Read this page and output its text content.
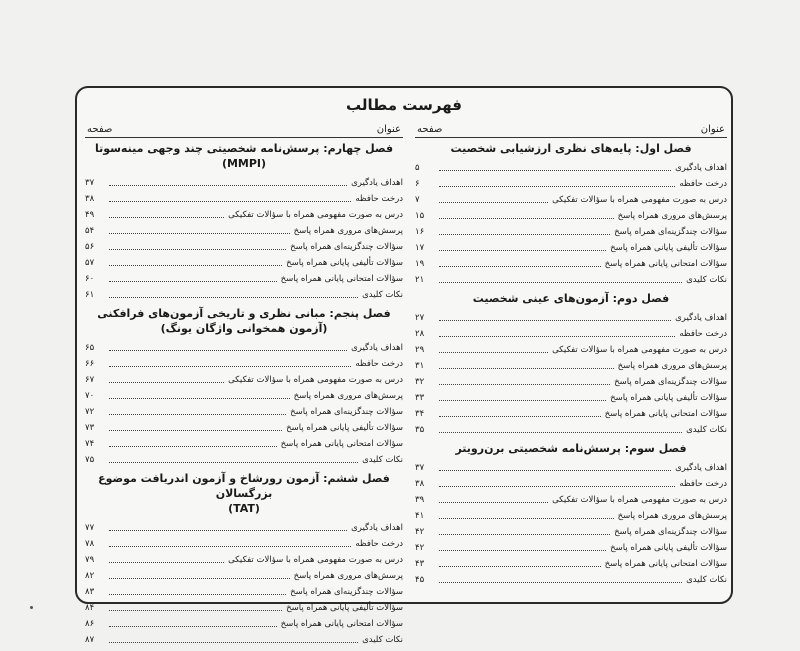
فهرست مطالب
عنوان
صفحه
فصل اول: پایه‌های نظری ارزشیابی شخصیت
اهداف یادگیری
۵
درخت حافظه
۶
درس به صورت مفهومی همراه با سؤالات تفکیکی
۷
پرسش‌های مروری همراه پاسخ
۱۵
سؤالات چندگزینه‌ای همراه پاسخ
۱۶
سؤالات تألیفی پایانی همراه پاسخ
۱۷
سؤالات امتحانی پایانی همراه پاسخ
۱۹
نکات کلیدی
۲۱
فصل دوم: آزمون‌های عینی شخصیت
اهداف یادگیری
۲۷
درخت حافظه
۲۸
درس به صورت مفهومی همراه با سؤالات تفکیکی
۲۹
پرسش‌های مروری همراه پاسخ
۳۱
سؤالات چندگزینه‌ای همراه پاسخ
۳۲
سؤالات تألیفی پایانی همراه پاسخ
۳۳
سؤالات امتحانی پایانی همراه پاسخ
۳۴
نکات کلیدی
۳۵
فصل سوم: پرسش‌نامه شخصیتی برن‌رویتر
اهداف یادگیری
۳۷
درخت حافظه
۳۸
درس به صورت مفهومی همراه با سؤالات تفکیکی
۳۹
پرسش‌های مروری همراه پاسخ
۴۱
سؤالات چندگزینه‌ای همراه پاسخ
۴۲
سؤالات تألیفی پایانی همراه پاسخ
۴۲
سؤالات امتحانی پایانی همراه پاسخ
۴۳
نکات کلیدی
۴۵
عنوان
صفحه
فصل چهارم: پرسش‌نامه شخصیتی چند وجهی مینه‌سوتا (MMPI)
اهداف یادگیری
۳۷
درخت حافظه
۳۸
درس به صورت مفهومی همراه با سؤالات تفکیکی
۴۹
پرسش‌های مروری همراه پاسخ
۵۴
سؤالات چندگزینه‌ای همراه پاسخ
۵۶
سؤالات تألیفی پایانی همراه پاسخ
۵۷
سؤالات امتحانی پایانی همراه پاسخ
۶۰
نکات کلیدی
۶۱
فصل پنجم: مبانی نظری و تاریخی آزمون‌های فرافکنی
(آزمون همخوانی واژگان یونگ)
اهداف یادگیری
۶۵
درخت حافظه
۶۶
درس به صورت مفهومی همراه با سؤالات تفکیکی
۶۷
پرسش‌های مروری همراه پاسخ
۷۰
سؤالات چندگزینه‌ای همراه پاسخ
۷۲
سؤالات تألیفی پایانی همراه پاسخ
۷۳
سؤالات امتحانی پایانی همراه پاسخ
۷۴
نکات کلیدی
۷۵
فصل ششم: آزمون رورشاخ و آزمون اندریافت موضوع بزرگسالان
(TAT)
اهداف یادگیری
۷۷
درخت حافظه
۷۸
درس به صورت مفهومی همراه با سؤالات تفکیکی
۷۹
پرسش‌های مروری همراه پاسخ
۸۲
سؤالات چندگزینه‌ای همراه پاسخ
۸۳
سؤالات تألیفی پایانی همراه پاسخ
۸۴
سؤالات امتحانی پایانی همراه پاسخ
۸۶
نکات کلیدی
۸۷
